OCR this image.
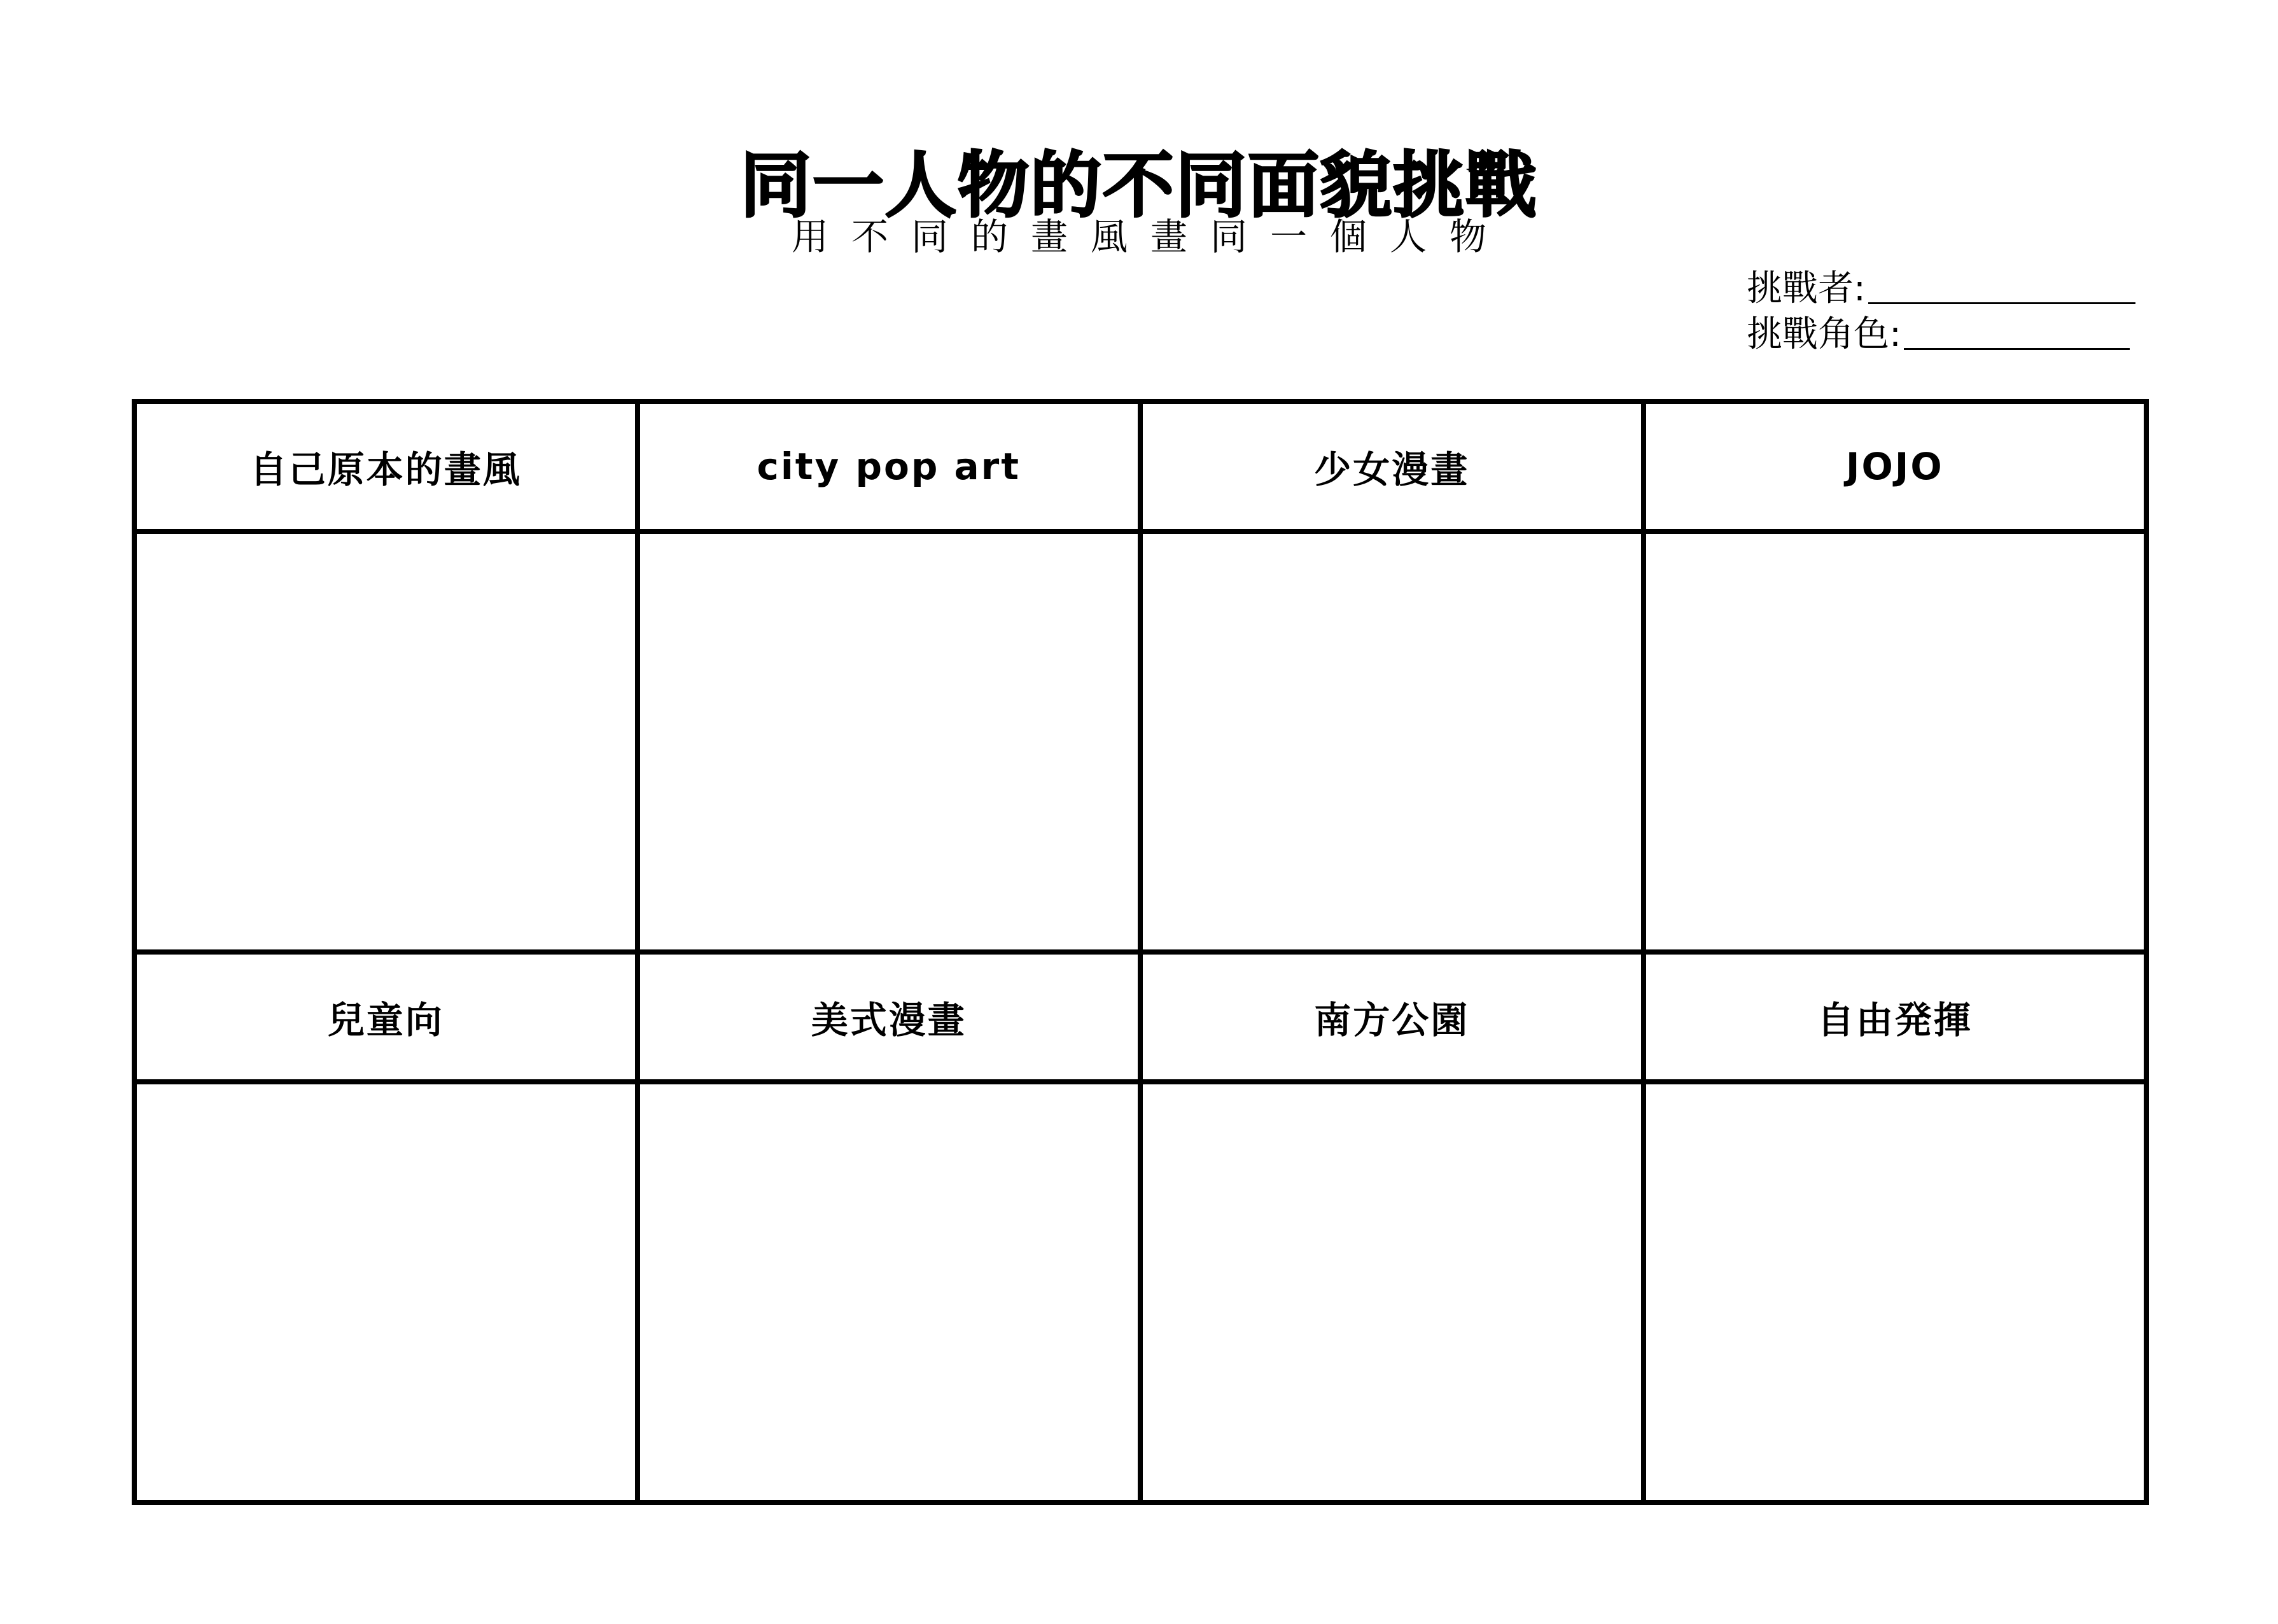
同一人物的不同面貌挑戰
用不同的畫風畫同一個人物
挑戰者:
挑戰角色:
自己原本的畫風	city pop art	少女漫畫	JOJO

兒童向	美式漫畫	南方公園	自由発揮
